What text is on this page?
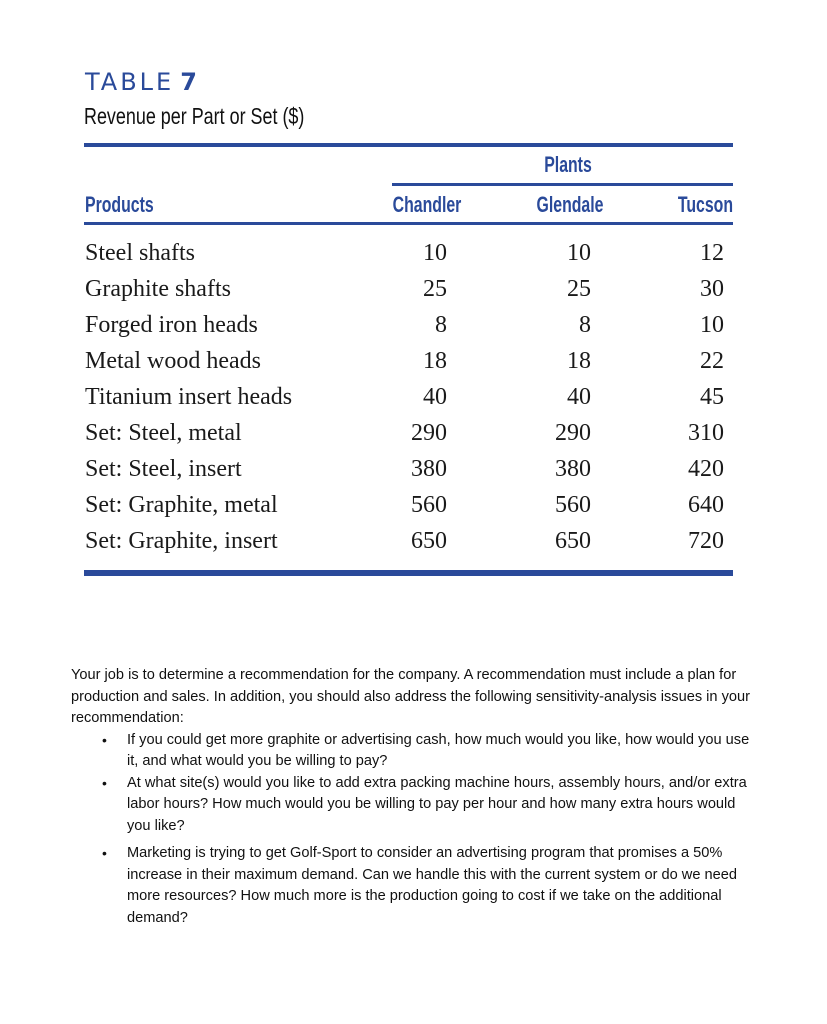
TABLE 7
Revenue per Part or Set ($)
Plants
Products	Chandler	Glendale	Tucson
Steel shafts	10	10	12
Graphite shafts	25	25	30
Forged iron heads	8	8	10
Metal wood heads	18	18	22
Titanium insert heads	40	40	45
Set: Steel, metal	290	290	310
Set: Steel, insert	380	380	420
Set: Graphite, metal	560	560	640
Set: Graphite, insert	650	650	720

Your job is to determine a recommendation for the company. A recommendation must include a plan for production and sales. In addition, you should also address the following sensitivity-analysis issues in your recommendation:

• If you could get more graphite or advertising cash, how much would you like, how would you use it, and what would you be willing to pay?
• At what site(s) would you like to add extra packing machine hours, assembly hours, and/or extra labor hours? How much would you be willing to pay per hour and how many extra hours would you like?
• Marketing is trying to get Golf-Sport to consider an advertising program that promises a 50% increase in their maximum demand. Can we handle this with the current system or do we need more resources? How much more is the production going to cost if we take on the additional demand?
